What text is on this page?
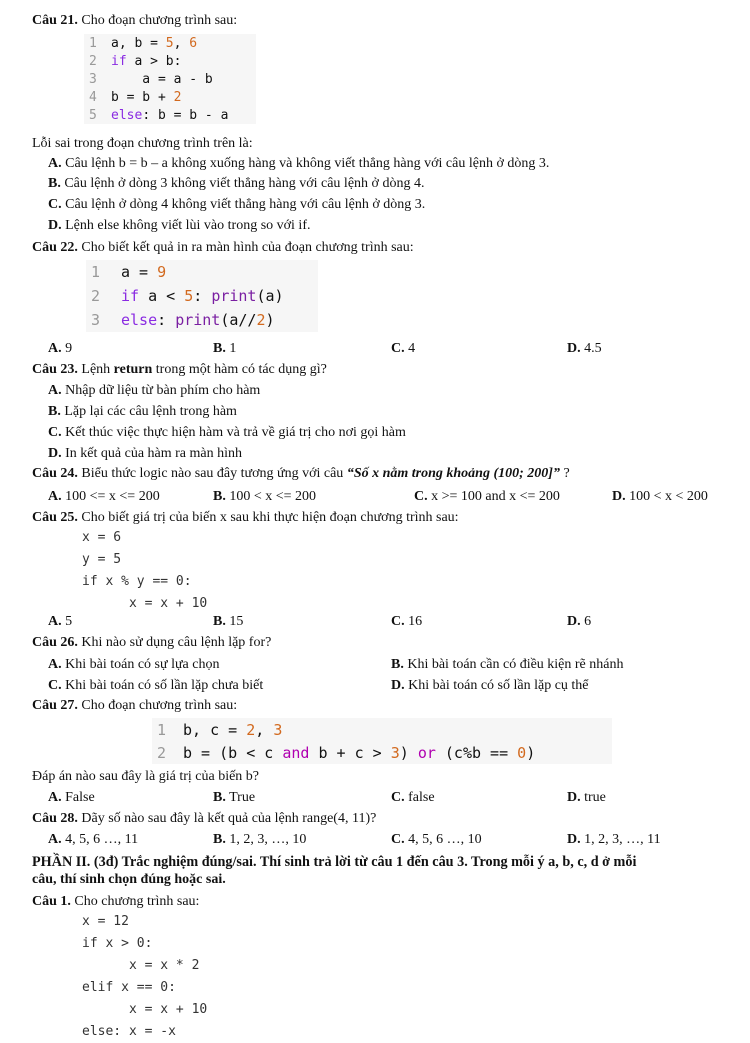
Câu 21. Cho đoạn chương trình sau:
1	a, b = 5 , 6
2	if a > b:
3	a = a - b
4	b = b + 2
5	else : b = b - a
Lỗi sai trong đoạn chương trình trên là:
A. Câu lệnh b = b – a không xuống hàng và không viết thẳng hàng với câu lệnh ở dòng 3.
B. Câu lệnh ở dòng 3 không viết thẳng hàng với câu lệnh ở dòng 4.
C. Câu lệnh ở dòng 4 không viết thẳng hàng với câu lệnh ở dòng 3.
D. Lệnh else không viết lùi vào trong so với if.
Câu 22. Cho biết kết quả in ra màn hình của đoạn chương trình sau:
1	a = 9
2	if a < 5 : print (a)
3	else : print (a// 2 )
A. 9	B. 1	C. 4	D. 4.5
Câu 23. Lệnh return trong một hàm có tác dụng gì?
A. Nhập dữ liệu từ bàn phím cho hàm
B. Lặp lại các câu lệnh trong hàm
C. Kết thúc việc thực hiện hàm và trả về giá trị cho nơi gọi hàm
D. In kết quả của hàm ra màn hình
Câu 24. Biểu thức logic nào sau đây tương ứng với câu “Số x nằm trong khoảng (100; 200]” ?
A. 100 <= x <= 200	B. 100 < x <= 200	C. x >= 100 and x <= 200	D. 100 < x < 200
Câu 25. Cho biết giá trị của biến x sau khi thực hiện đoạn chương trình sau:
x = 6
y = 5
if x % y == 0:
x = x + 10
A. 5	B. 15	C. 16	D. 6
Câu 26. Khi nào sử dụng câu lệnh lặp for?
A. Khi bài toán có sự lựa chọn	B. Khi bài toán cần có điều kiện rẽ nhánh
C. Khi bài toán có số lần lặp chưa biết	D. Khi bài toán có số lần lặp cụ thể
Câu 27. Cho đoạn chương trình sau:
1	b, c = 2 , 3
2	b = (b < c and b + c > 3 ) or (c%b == 0 )
Đáp án nào sau đây là giá trị của biến b?
A. False	B. True	C. false	D. true
Câu 28. Dãy số nào sau đây là kết quả của lệnh range(4, 11)?
A. 4, 5, 6 …, 11	B. 1, 2, 3, …, 10	C. 4, 5, 6 …, 10	D. 1, 2, 3, …, 11
PHẦN II. (3đ) Trắc nghiệm đúng/sai. Thí sinh trả lời từ câu 1 đến câu 3. Trong mỗi ý a, b, c, d ở mỗi
câu, thí sinh chọn đúng hoặc sai.
Câu 1. Cho chương trình sau:
x = 12
if x > 0:
x = x * 2
elif x == 0:
x = x + 10
else: x = -x
